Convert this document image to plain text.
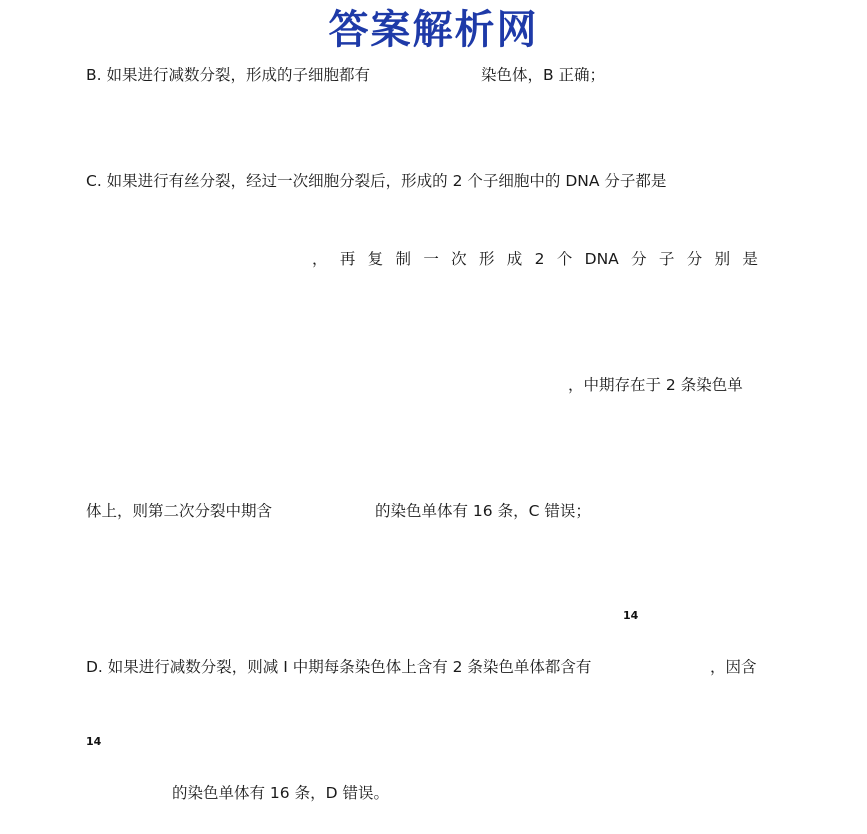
答案解析网
B. 如果进行减数分裂，形成的子细胞都有	染色体，B 正确；
C. 如果进行有丝分裂，经过一次细胞分裂后，形成的 2 个子细胞中的 DNA 分子都是
， 再 复 制 一 次 形 成 2 个 DNA 分 子 分 别 是
，中期存在于 2 条染色单
体上，则第二次分裂中期含	的染色单体有 16 条，C 错误；
14
D. 如果进行减数分裂，则减 I 中期每条染色体上含有 2 条染色单体都含有	，因含
14
的染色单体有 16 条，D 错误。
